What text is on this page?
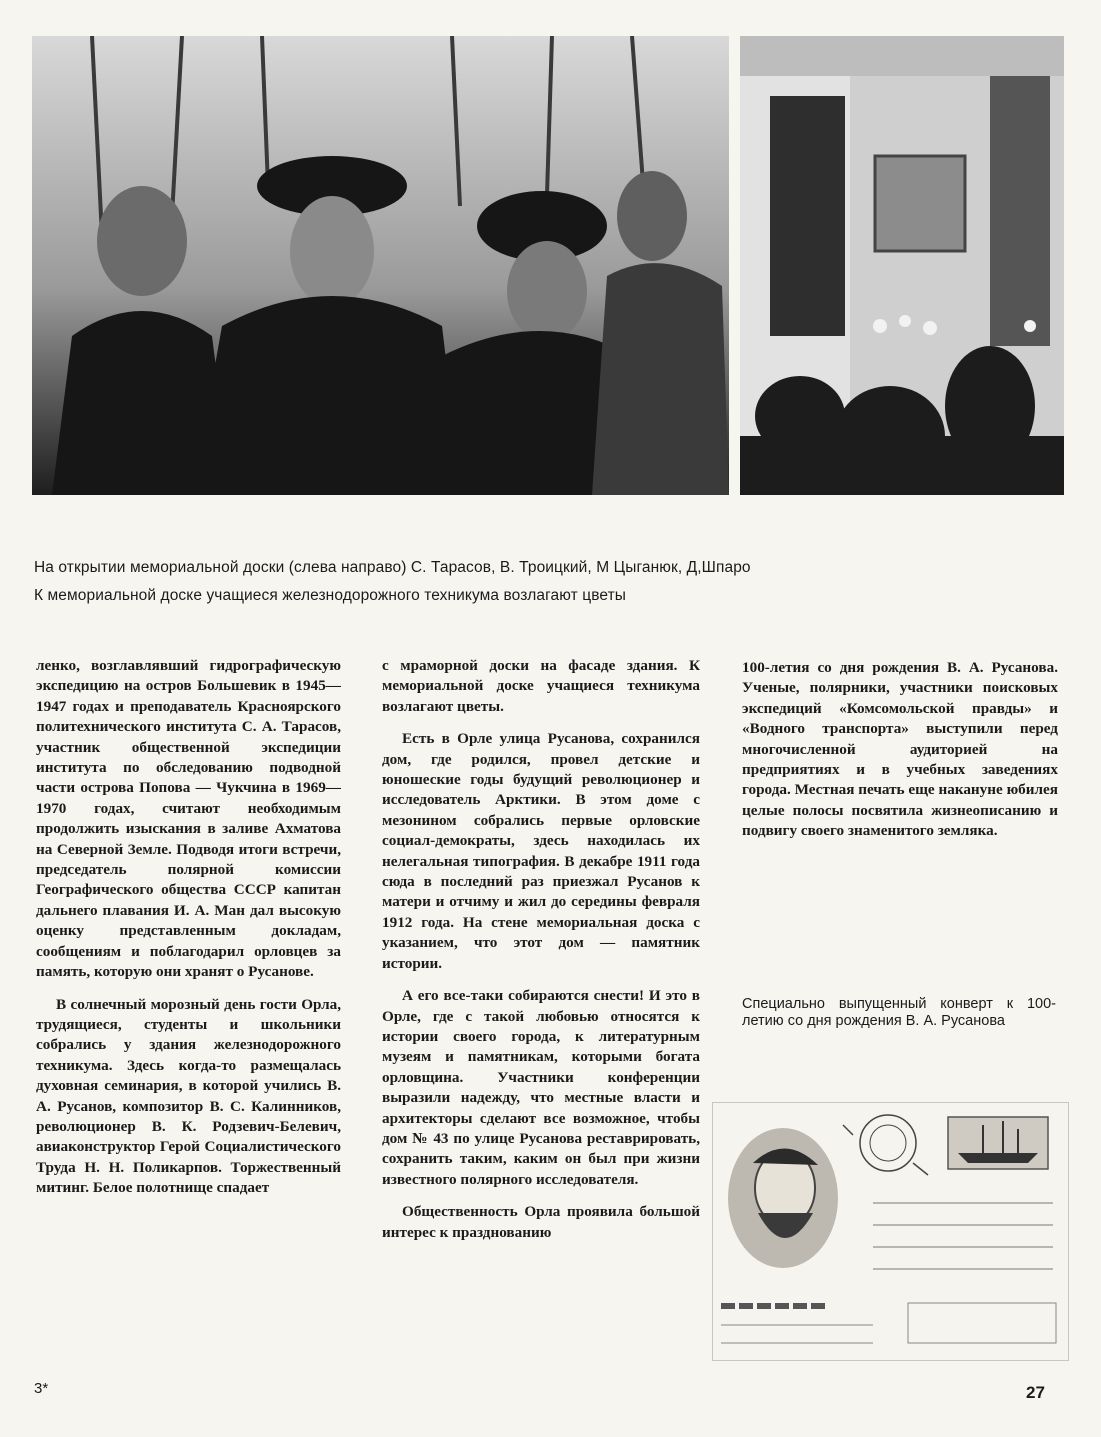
На открытии мемориальной доски (слева направо) С. Тарасов, В. Троицкий, М Цыганюк, Д,Шпаро
К мемориальной доске учащиеся железнодорожного техникума возлагают цветы

ленко, возглавлявший гидрографическую экспедицию на остров Большевик в 1945—1947 годах и преподаватель Красноярского политехнического института С. А. Тарасов, участник общественной экспедиции института по обследованию подводной части острова Попова — Чукчина в 1969—1970 годах, считают необходимым продолжить изыскания в заливе Ахматова на Северной Земле. Подводя итоги встречи, председатель полярной комиссии Географического общества СССР капитан дальнего плавания И. А. Ман дал высокую оценку представленным докладам, сообщениям и поблагодарил орловцев за память, которую они хранят о Русанове.

В солнечный морозный день гости Орла, трудящиеся, студенты и школьники собрались у здания железнодорожного техникума. Здесь когда-то размещалась духовная семинария, в которой учились В. А. Русанов, композитор В. С. Калинников, революционер В. К. Родзевич-Белевич, авиаконструктор Герой Социалистического Труда Н. Н. Поликарпов. Торжественный митинг. Белое полотнище спадает

с мраморной доски на фасаде здания. К мемориальной доске учащиеся техникума возлагают цветы.

Есть в Орле улица Русанова, сохранился дом, где родился, провел детские и юношеские годы будущий революционер и исследователь Арктики. В этом доме с мезонином собрались первые орловские социал-демократы, здесь находилась их нелегальная типография. В декабре 1911 года сюда в последний раз приезжал Русанов к матери и отчиму и жил до середины февраля 1912 года. На стене мемориальная доска с указанием, что этот дом — памятник истории.

А его все-таки собираются снести! И это в Орле, где с такой любовью относятся к истории своего города, к литературным музеям и памятникам, которыми богата орловщина. Участники конференции выразили надежду, что местные власти и архитекторы сделают все возможное, чтобы дом № 43 по улице Русанова реставрировать, сохранить таким, каким он был при жизни известного полярного исследователя.

Общественность Орла проявила большой интерес к празднованию

100-летия со дня рождения В. А. Русанова. Ученые, полярники, участники поисковых экспедиций «Комсомольской правды» и «Водного транспорта» выступили перед многочисленной аудиторией на предприятиях и в учебных заведениях города. Местная печать еще накануне юбилея целые полосы посвятила жизнеописанию и подвигу своего знаменитого земляка.

Специально выпущенный конверт к 100-летию со дня рождения В. А. Русанова
3*	27
